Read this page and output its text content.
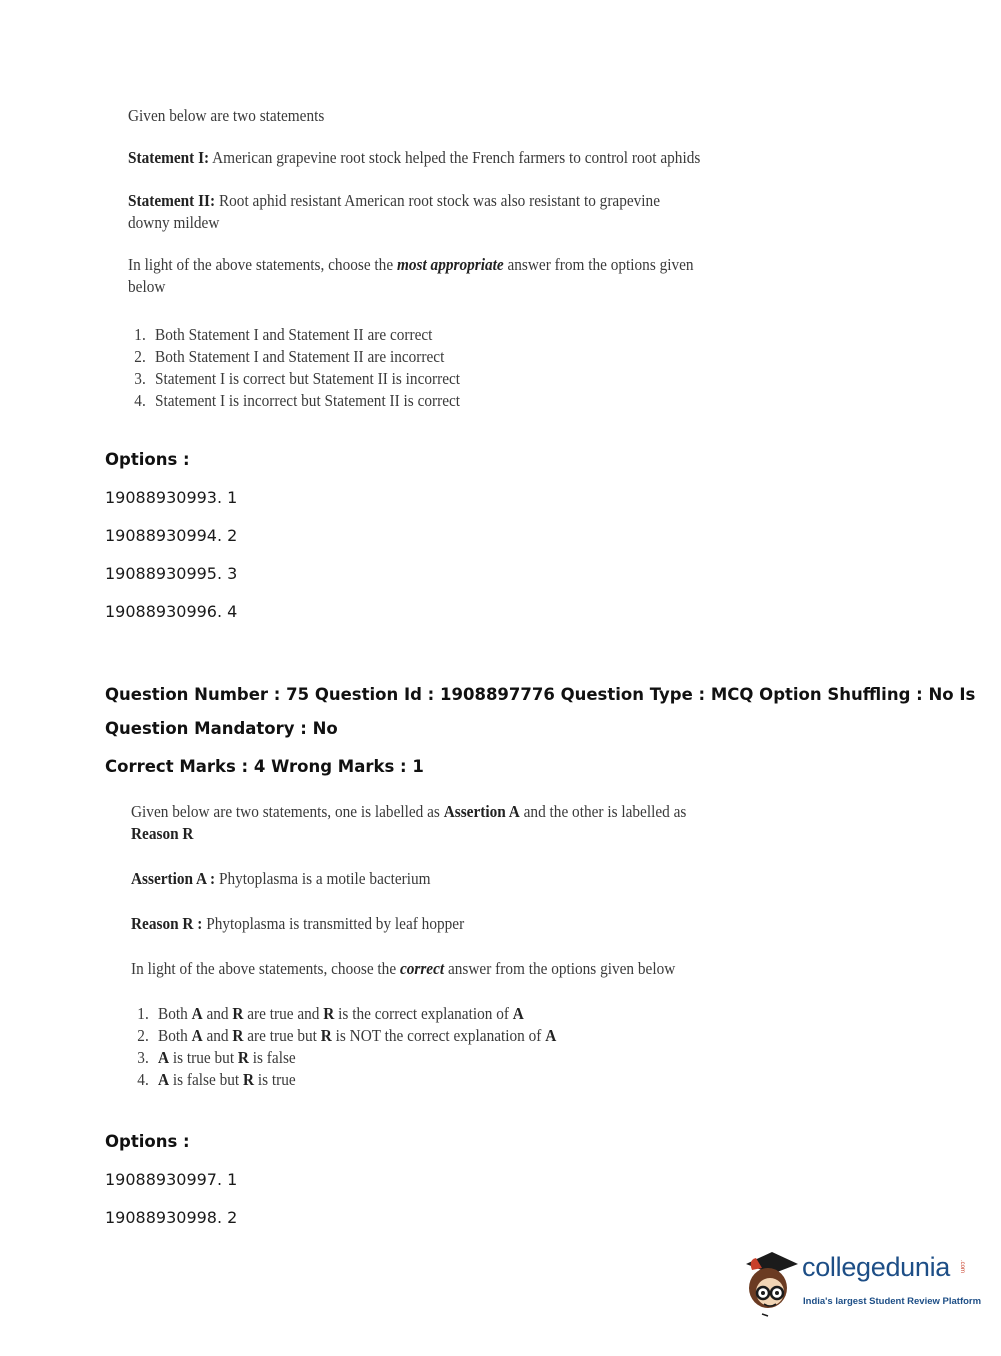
Given below are two statements
Statement I: American grapevine root stock helped the French farmers to control root aphids
Statement II: Root aphid resistant American root stock was also resistant to grapevine
downy mildew
In light of the above statements, choose the most appropriate answer from the options given
below
1. Both Statement I and Statement II are correct
2. Both Statement I and Statement II are incorrect
3. Statement I is correct but Statement II is incorrect
4. Statement I is incorrect but Statement II is correct
Options :
19088930993. 1
19088930994. 2
19088930995. 3
19088930996. 4
Question Number : 75 Question Id : 1908897776 Question Type : MCQ Option Shuffling : No Is
Question Mandatory : No
Correct Marks : 4 Wrong Marks : 1
Given below are two statements, one is labelled as Assertion A and the other is labelled as
Reason R
Assertion A : Phytoplasma is a motile bacterium
Reason R : Phytoplasma is transmitted by leaf hopper
In light of the above statements, choose the correct answer from the options given below
1. Both A and R are true and R is the correct explanation of A
2. Both A and R are true but R is NOT the correct explanation of A
3. A is true but R is false
4. A is false but R is true
Options :
19088930997. 1
19088930998. 2
collegedunia .com
India's largest Student Review Platform
